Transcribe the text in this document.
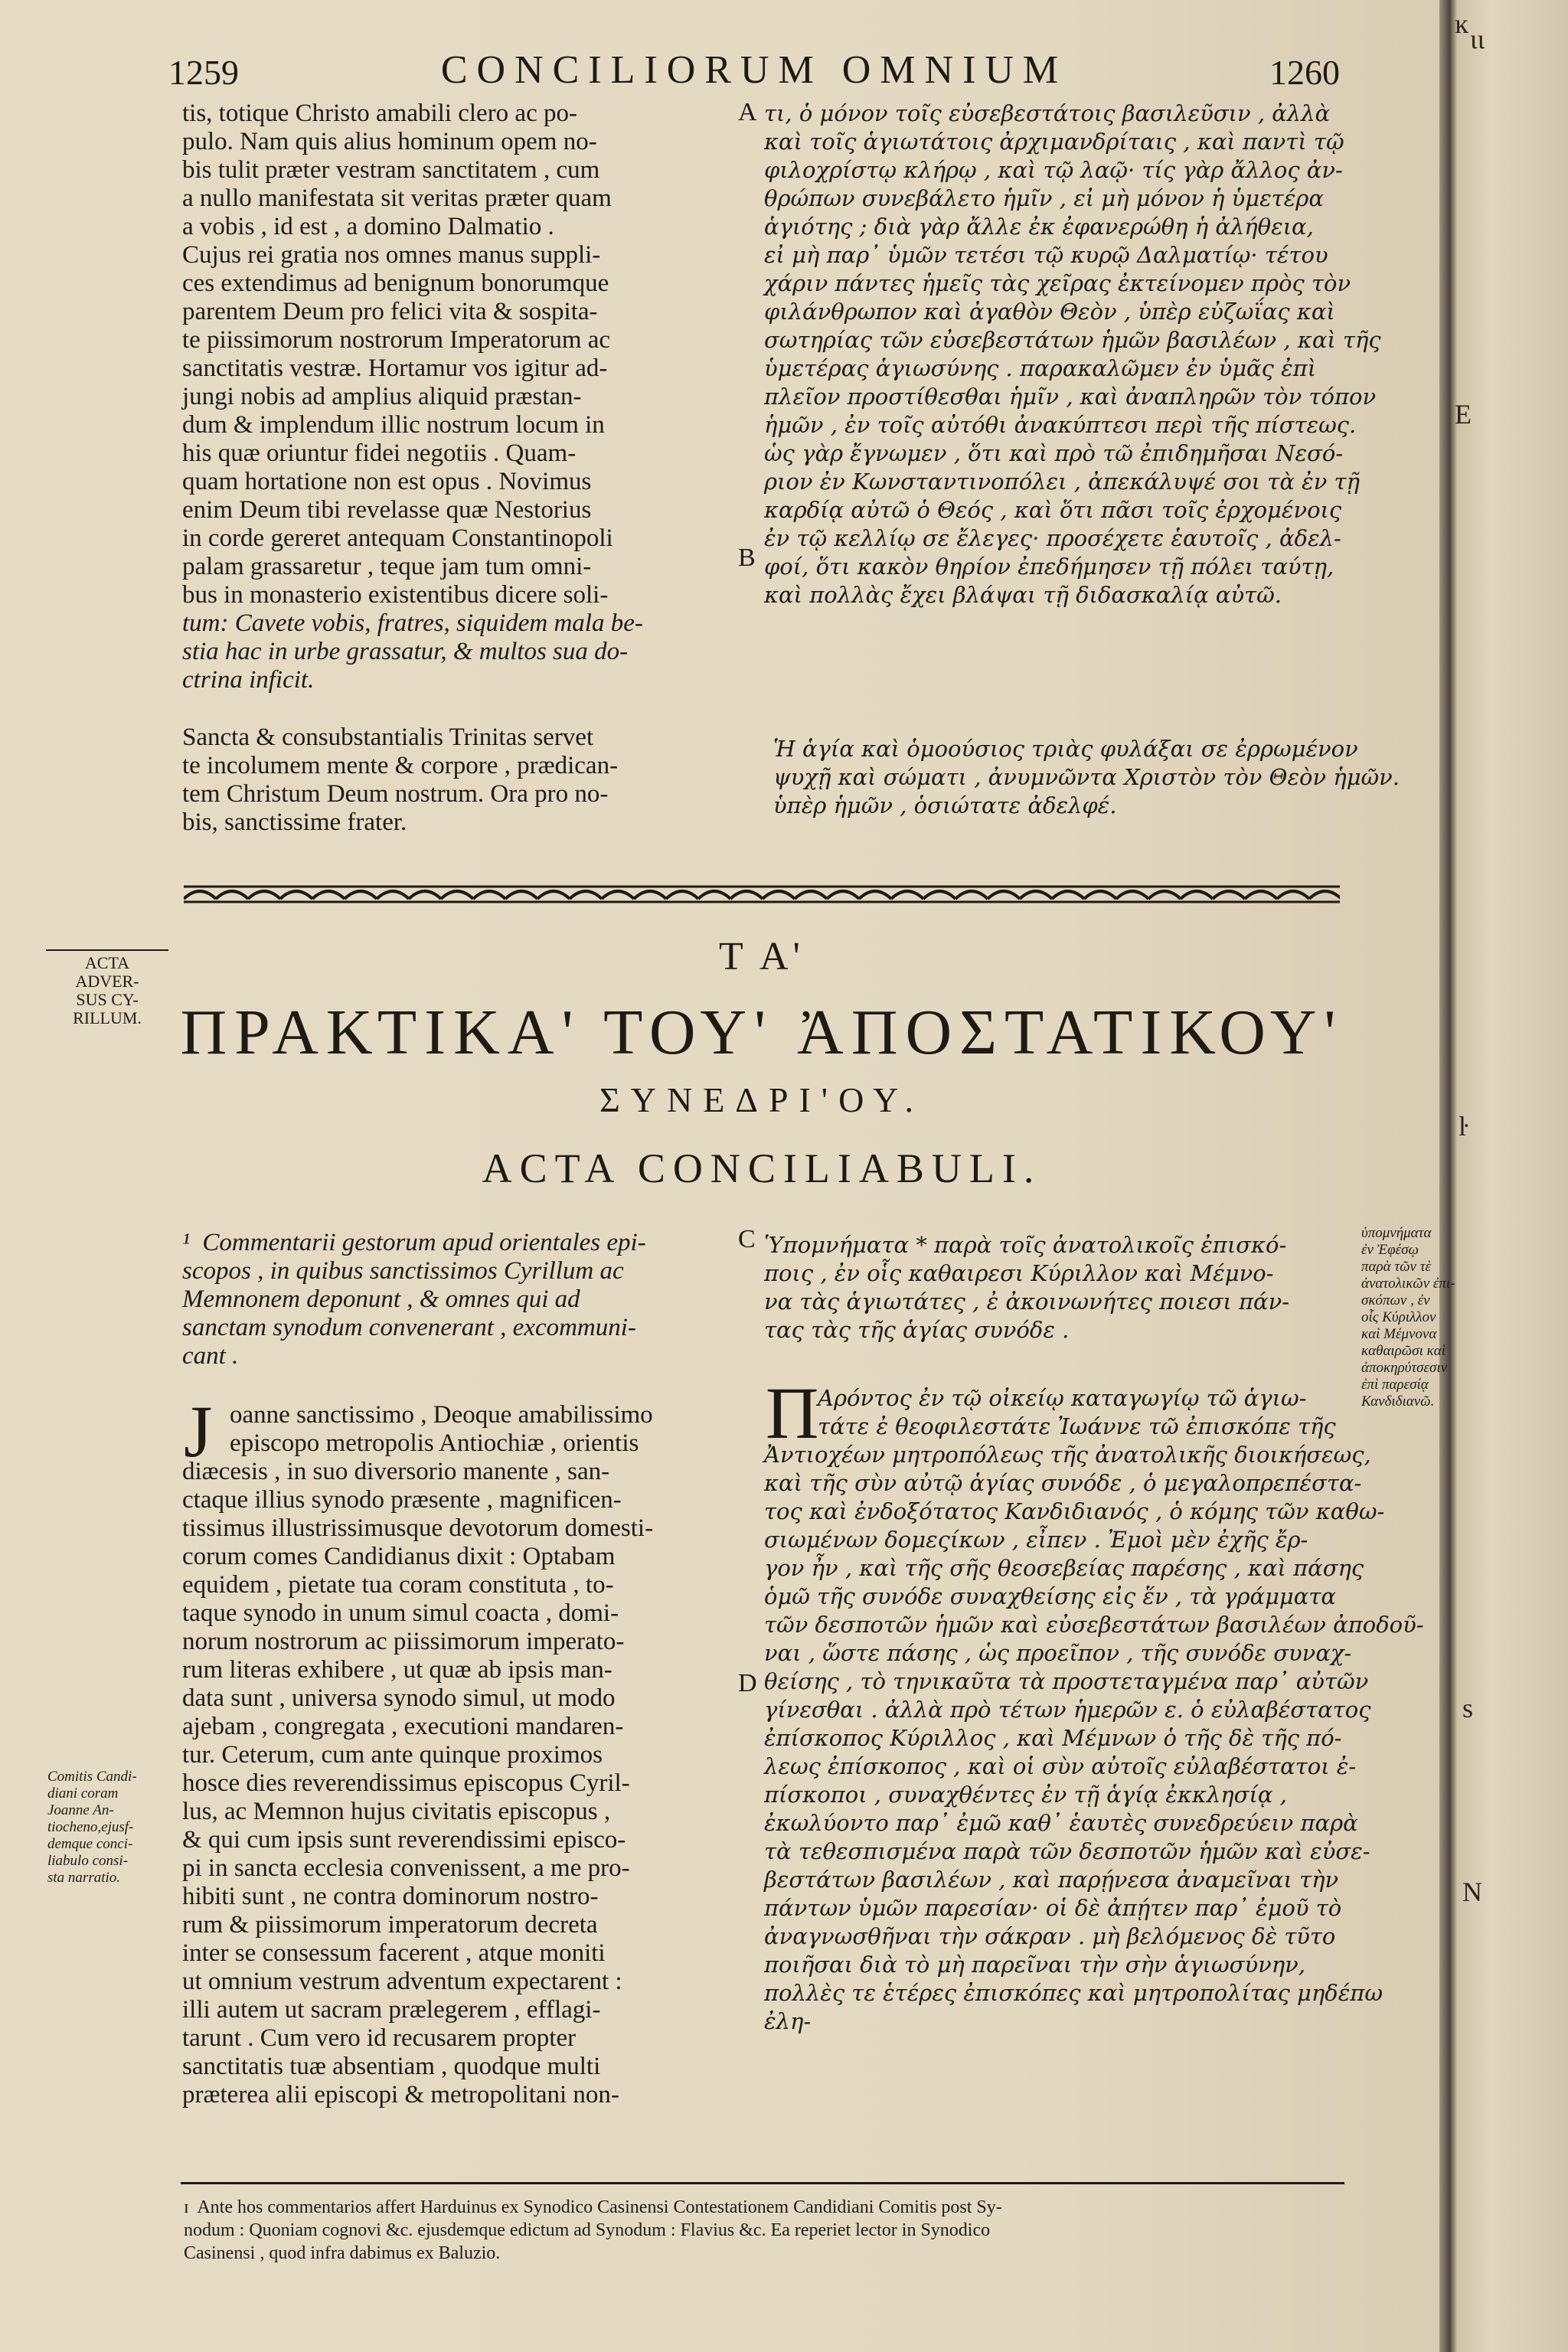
ĸ ιι
Ε
ŀ
s
Ν
1259	CONCILIORUM OMNIUM	1260
tis, totique Christo amabili clero ac po-
pulo. Nam quis alius hominum opem no-
bis tulit præter vestram sanctitatem , cum
a nullo manifestata sit veritas præter quam
a vobis , id est , a domino Dalmatio .
Cujus rei gratia nos omnes manus suppli-
ces extendimus ad benignum bonorumque
parentem Deum pro felici vita & sospita-
te piissimorum nostrorum Imperatorum ac
sanctitatis vestræ. Hortamur vos igitur ad-
jungi nobis ad amplius aliquid præstan-
dum & implendum illic nostrum locum in
his quæ oriuntur fidei negotiis . Quam-
quam hortatione non est opus . Novimus
enim Deum tibi revelasse quæ Nestorius
in corde gereret antequam Constantinopoli
palam grassaretur , teque jam tum omni-
bus in monasterio existentibus dicere soli-
tum: Cavete vobis, fratres, siquidem mala be-
stia hac in urbe grassatur, & multos sua do-
ctrina inficit.
Sancta & consubstantialis Trinitas servet
te incolumem mente & corpore , prædican-
tem Christum Deum nostrum. Ora pro no-
bis, sanctissime frater.
τι, ὁ μόνον τοῖς εὐσεβεστάτοις βασιλεῦσιν , ἀλλὰ
καὶ τοῖς ἁγιωτάτοις ἀρχιμανδρίταις , καὶ παντὶ τῷ
φιλοχρίστῳ κλήρῳ , καὶ τῷ λαῷ· τίς γὰρ ἄλλος ἀν-
θρώπων συνεβάλετο ἡμῖν , εἰ μὴ μόνον ἡ ὑμετέρα
ἁγιότης ; διὰ γὰρ ἄλλε ἐκ ἐφανερώθη ἡ ἀλήθεια,
εἰ μὴ παρ᾽ ὑμῶν τετέσι τῷ κυρῷ Δαλματίῳ· τέτου
χάριν πάντες ἡμεῖς τὰς χεῖρας ἐκτείνομεν πρὸς τὸν
φιλάνθρωπον καὶ ἀγαθὸν Θεὸν , ὑπὲρ εὐζωΐας καὶ
σωτηρίας τῶν εὐσεβεστάτων ἡμῶν βασιλέων , καὶ τῆς
ὑμετέρας ἁγιωσύνης . παρακαλῶμεν ἐν ὑμᾶς ἐπὶ
πλεῖον προστίθεσθαι ἡμῖν , καὶ ἀναπληρῶν τὸν τόπον
ἡμῶν , ἐν τοῖς αὐτόθι ἀνακύπτεσι περὶ τῆς πίστεως.
ὡς γὰρ ἔγνωμεν , ὅτι καὶ πρὸ τῶ ἐπιδημῆσαι Νεσό-
ριον ἐν Κωνσταντινοπόλει , ἀπεκάλυψέ σοι τὰ ἐν τῇ
καρδίᾳ αὐτῶ ὁ Θεός , καὶ ὅτι πᾶσι τοῖς ἐρχομένοις
ἐν τῷ κελλίῳ σε ἔλεγες· προσέχετε ἑαυτοῖς , ἀδελ-
φοί, ὅτι κακὸν θηρίον ἐπεδήμησεν τῇ πόλει ταύτῃ,
καὶ πολλὰς ἔχει βλάψαι τῇ διδασκαλίᾳ αὐτῶ.
Ἡ ἁγία καὶ ὁμοούσιος τριὰς φυλάξαι σε ἐρρωμένον
ψυχῇ καὶ σώματι , ἀνυμνῶντα Χριστὸν τὸν Θεὸν ἡμῶν.
ὑπὲρ ἡμῶν , ὁσιώτατε ἀδελφέ.
A
B
C
D
ACTA
ADVER-
SUS CY-
RILLUM.
Τ Α'
ΠΡΑΚΤΙΚΑ' ΤΟΥ' ἈΠΟΣΤΑΤΙΚΟΥ'
ΣΥΝΕΔΡΙ'ΟΥ.
ACTA CONCILIABULI.
¹  Commentarii gestorum apud orientales epi-
scopos , in quibus sanctissimos Cyrillum ac
Memnonem deponunt , & omnes qui ad
sanctam synodum convenerant , excommuni-
cant .
Ὑπομνήματα * παρὰ τοῖς ἀνατολικοῖς ἐπισκό-
ποις , ἐν οἷς καθαιρεσι Κύριλλον καὶ Μέμνο-
να τὰς ἁγιωτάτες , ἐ ἀκοινωνήτες ποιεσι πάν-
τας τὰς τῆς ἁγίας συνόδε .
J oanne sanctissimo , Deoque amabilissimo
episcopo metropolis Antiochiæ , orientis
diæcesis , in suo diversorio manente , san-
ctaque illius synodo præsente , magnificen-
tissimus illustrissimusque devotorum domesti-
corum comes Candidianus dixit : Optabam
equidem , pietate tua coram constituta , to-
taque synodo in unum simul coacta , domi-
norum nostrorum ac piissimorum imperato-
rum literas exhibere , ut quæ ab ipsis man-
data sunt , universa synodo simul, ut modo
ajebam , congregata , executioni mandaren-
tur. Ceterum, cum ante quinque proximos
hosce dies reverendissimus episcopus Cyril-
lus, ac Memnon hujus civitatis episcopus ,
& qui cum ipsis sunt reverendissimi episco-
pi in sancta ecclesia convenissent, a me pro-
hibiti sunt , ne contra dominorum nostro-
rum & piissimorum imperatorum decreta
inter se consessum facerent , atque moniti
ut omnium vestrum adventum expectarent :
illi autem ut sacram prælegerem , efflagi-
tarunt . Cum vero id recusarem propter
sanctitatis tuæ absentiam , quodque multi
præterea alii episcopi & metropolitani non-
Π
Αρόντος ἐν τῷ οἰκείῳ καταγωγίῳ τῶ ἁγιω-
τάτε ἐ θεοφιλεστάτε Ἰωάννε τῶ ἐπισκόπε τῆς
Ἀντιοχέων μητροπόλεως τῆς ἀνατολικῆς διοικήσεως,
καὶ τῆς σὺν αὐτῷ ἁγίας συνόδε , ὁ μεγαλοπρεπέστα-
τος καὶ ἐνδοξότατος Κανδιδιανός , ὁ κόμης τῶν καθω-
σιωμένων δομεςίκων , εἶπεν . Ἐμοὶ μὲν ἐχῆς ἔρ-
γον ἦν , καὶ τῆς σῆς θεοσεβείας παρέσης , καὶ πάσης
ὁμῶ τῆς συνόδε συναχθείσης εἰς ἕν , τὰ γράμματα
τῶν δεσποτῶν ἡμῶν καὶ εὐσεβεστάτων βασιλέων ἀποδοῦ-
ναι , ὥστε πάσης , ὡς προεῖπον , τῆς συνόδε συναχ-
θείσης , τὸ τηνικαῦτα τὰ προστεταγμένα παρ᾽ αὐτῶν
γίνεσθαι . ἀλλὰ πρὸ τέτων ἡμερῶν ε. ὁ εὐλαβέστατος
ἐπίσκοπος Κύριλλος , καὶ Μέμνων ὁ τῆς δὲ τῆς πό-
λεως ἐπίσκοπος , καὶ οἱ σὺν αὐτοῖς εὐλαβέστατοι ἐ-
πίσκοποι , συναχθέντες ἐν τῇ ἁγίᾳ ἐκκλησίᾳ ,
ἐκωλύοντο παρ᾽ ἐμῶ καθ᾽ ἑαυτὲς συνεδρεύειν παρὰ
τὰ τεθεσπισμένα παρὰ τῶν δεσποτῶν ἡμῶν καὶ εὐσε-
βεστάτων βασιλέων , καὶ παρῄνεσα ἀναμεῖναι τὴν
πάντων ὑμῶν παρεσίαν· οἱ δὲ ἀπῄτεν παρ᾽ ἐμοῦ τὸ
ἀναγνωσθῆναι τὴν σάκραν . μὴ βελόμενος δὲ τῦτο
ποιῆσαι διὰ τὸ μὴ παρεῖναι τὴν σὴν ἁγιωσύνην,
πολλὲς τε ἑτέρες ἐπισκόπες καὶ μητροπολίτας μηδέπω
ἐλη-
Comitis Candi-
diani coram
Joanne An-
tiocheno,ejusf-
demque conci-
liabulo consi-
sta narratio.
ὑπομνήματα
ἐν Ἐφέσῳ
παρὰ τῶν τὲ
ἀνατολικῶν ἐπι-
σκόπων , ἐν
οἷς Κύριλλον
καὶ Μέμνονα
καθαιρῶσι καὶ
ἀποκηρύτσεσιν
ἐπὶ παρεσίᾳ
Κανδιδιανῶ.
ɪ  Ante hos commentarios affert Harduinus ex Synodico Casinensi Contestationem Candidiani Comitis post Sy-
nodum : Quoniam cognovi &c. ejusdemque edictum ad Synodum : Flavius &c. Ea reperiet lector in Synodico
Casinensi , quod infra dabimus ex Baluzio.
